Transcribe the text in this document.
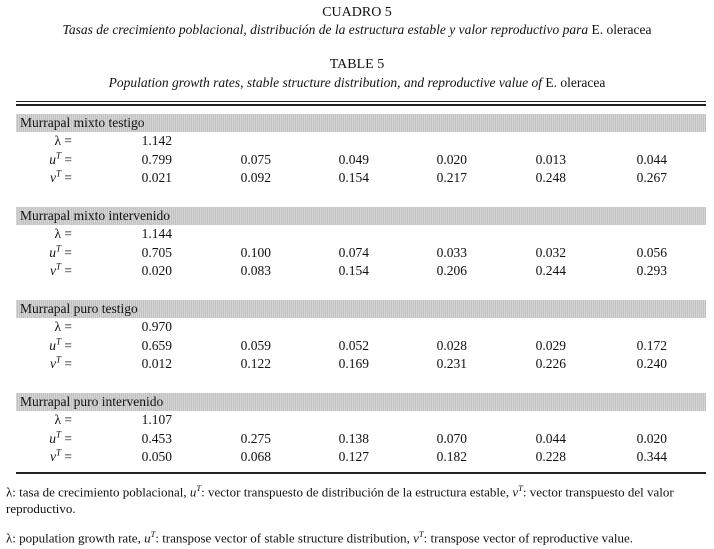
CUADRO 5
Tasas de crecimiento poblacional, distribución de la estructura estable y valor reproductivo para E. oleracea
TABLE 5
Population growth rates, stable structure distribution, and reproductive value of E. oleracea
Murrapal mixto testigo
λ =	1.142
$u^T$ =	0.799	0.075	0.049	0.020	0.013	0.044
$v^T$ =	0.021	0.092	0.154	0.217	0.248	0.267
Murrapal mixto intervenido
λ =	1.144
$u^T$ =	0.705	0.100	0.074	0.033	0.032	0.056
$v^T$ =	0.020	0.083	0.154	0.206	0.244	0.293
Murrapal puro testigo
λ =	0.970
$u^T$ =	0.659	0.059	0.052	0.028	0.029	0.172
$v^T$ =	0.012	0.122	0.169	0.231	0.226	0.240
Murrapal puro intervenido
λ =	1.107
$u^T$ =	0.453	0.275	0.138	0.070	0.044	0.020
$v^T$ =	0.050	0.068	0.127	0.182	0.228	0.344
λ: tasa de crecimiento poblacional, $u^T$: vector transpuesto de distribución de la estructura estable, $v^T$: vector transpuesto del valor reproductivo.
λ: population growth rate, $u^T$: transpose vector of stable structure distribution, $v^T$: transpose vector of reproductive value.
